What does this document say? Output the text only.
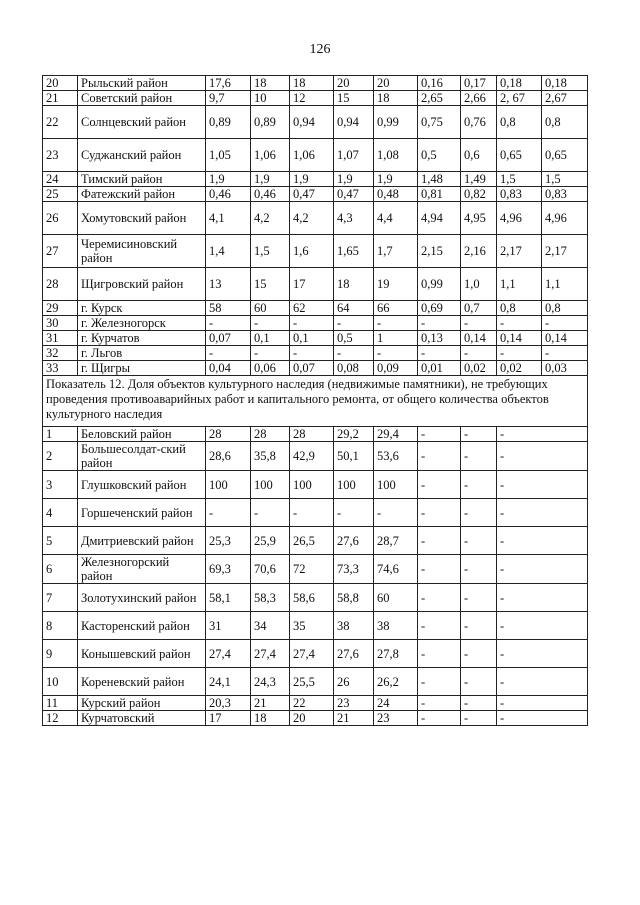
126
20	Рыльский район	17,6	18	18	20	20	0,16	0,17	0,18	0,18
21	Советский район	9,7	10	12	15	18	2,65	2,66	2, 67	2,67
22	Солнцевский район	0,89	0,89	0,94	0,94	0,99	0,75	0,76	0,8	0,8
23	Суджанский район	1,05	1,06	1,06	1,07	1,08	0,5	0,6	0,65	0,65
24	Тимский район	1,9	1,9	1,9	1,9	1,9	1,48	1,49	1,5	1,5
25	Фатежский район	0,46	0,46	0,47	0,47	0,48	0,81	0,82	0,83	0,83
26	Хомутовский район	4,1	4,2	4,2	4,3	4,4	4,94	4,95	4,96	4,96
27	Черемисиновский район	1,4	1,5	1,6	1,65	1,7	2,15	2,16	2,17	2,17
28	Щигровский район	13	15	17	18	19	0,99	1,0	1,1	1,1
29	г. Курск	58	60	62	64	66	0,69	0,7	0,8	0,8
30	г. Железногорск	-	-	-	-	-	-	-	-	-
31	г. Курчатов	0,07	0,1	0,1	0,5	1	0,13	0,14	0,14	0,14
32	г. Льгов	-	-	-	-	-	-	-	-	-
33	г. Щигры	0,04	0,06	0,07	0,08	0,09	0,01	0,02	0,02	0,03
Показатель 12. Доля объектов культурного наследия (недвижимые памятники), не требующих проведения противоаварийных работ и капитального ремонта, от общего количества объектов культурного наследия										
1	Беловский район	28	28	28	29,2	29,4	-	-	-	
2	Большесолдат-ский район	28,6	35,8	42,9	50,1	53,6	-	-	-	
3	Глушковский район	100	100	100	100	100	-	-	-	
4	Горшеченский район	-	-	-	-	-	-	-	-	
5	Дмитриевский район	25,3	25,9	26,5	27,6	28,7	-	-	-	
6	Железногорский район	69,3	70,6	72	73,3	74,6	-	-	-	
7	Золотухинский район	58,1	58,3	58,6	58,8	60	-	-	-	
8	Касторенский район	31	34	35	38	38	-	-	-	
9	Конышевский район	27,4	27,4	27,4	27,6	27,8	-	-	-	
10	Кореневский район	24,1	24,3	25,5	26	26,2	-	-	-	
11	Курский район	20,3	21	22	23	24	-	-	-	
12	Курчатовский	17	18	20	21	23	-	-	-	
